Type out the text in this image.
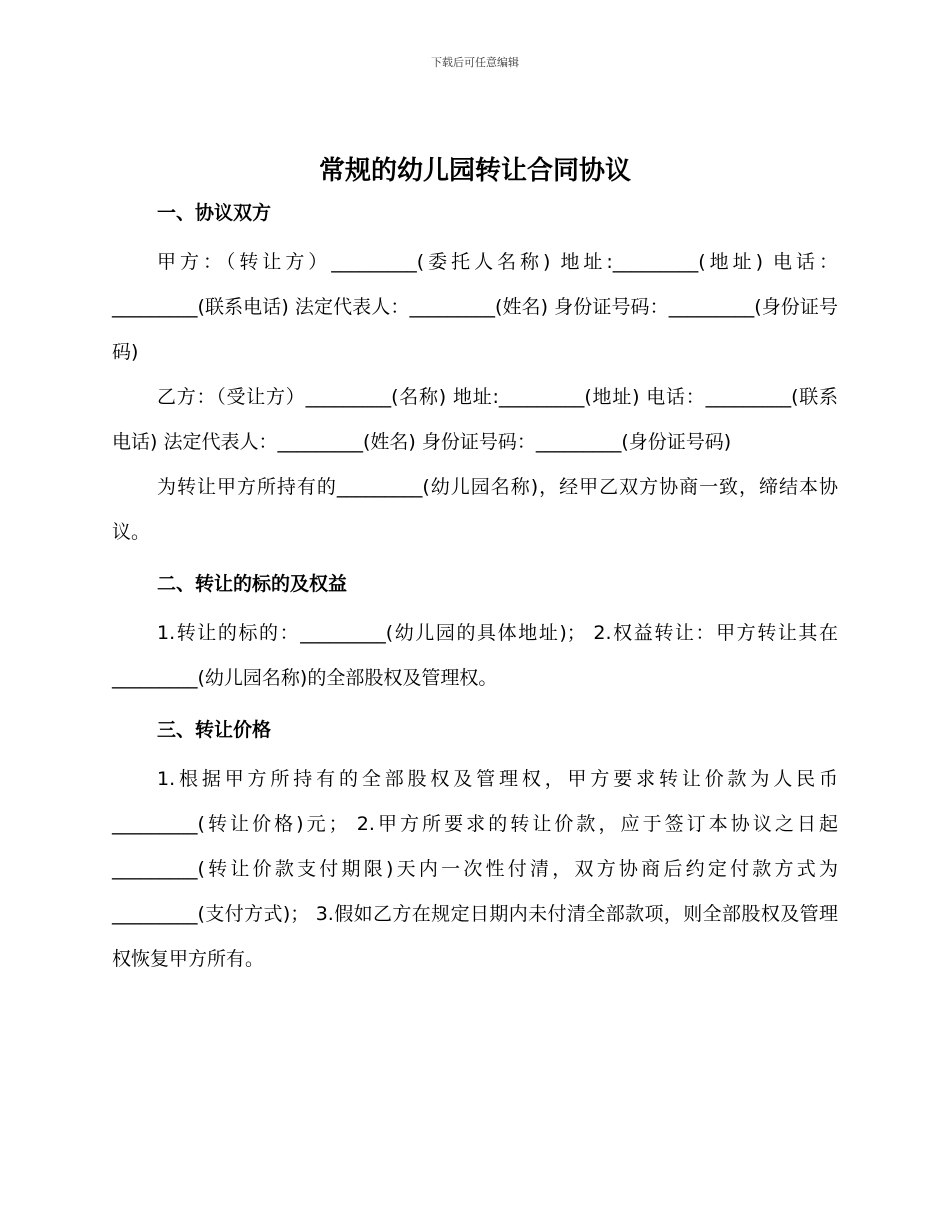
下载后可任意编辑
常规的幼儿园转让合同协议
一、协议双方

甲方：（转让方）_________(委托人名称) 地址:_________(地址) 电话：_________(联系电话) 法定代表人：_________(姓名) 身份证号码：_________(身份证号码)

乙方：（受让方）_________(名称) 地址:_________(地址) 电话：_________(联系电话) 法定代表人：_________(姓名) 身份证号码：_________(身份证号码)

为转让甲方所持有的_________(幼儿园名称)，经甲乙双方协商一致，缔结本协议。

二、转让的标的及权益

1.转让的标的：_________(幼儿园的具体地址)； 2.权益转让：甲方转让其在_________(幼儿园名称)的全部股权及管理权。

三、转让价格

1.根据甲方所持有的全部股权及管理权，甲方要求转让价款为人民币_________(转让价格)元； 2.甲方所要求的转让价款，应于签订本协议之日起_________(转让价款支付期限)天内一次性付清，双方协商后约定付款方式为_________(支付方式)； 3.假如乙方在规定日期内未付清全部款项，则全部股权及管理权恢复甲方所有。
